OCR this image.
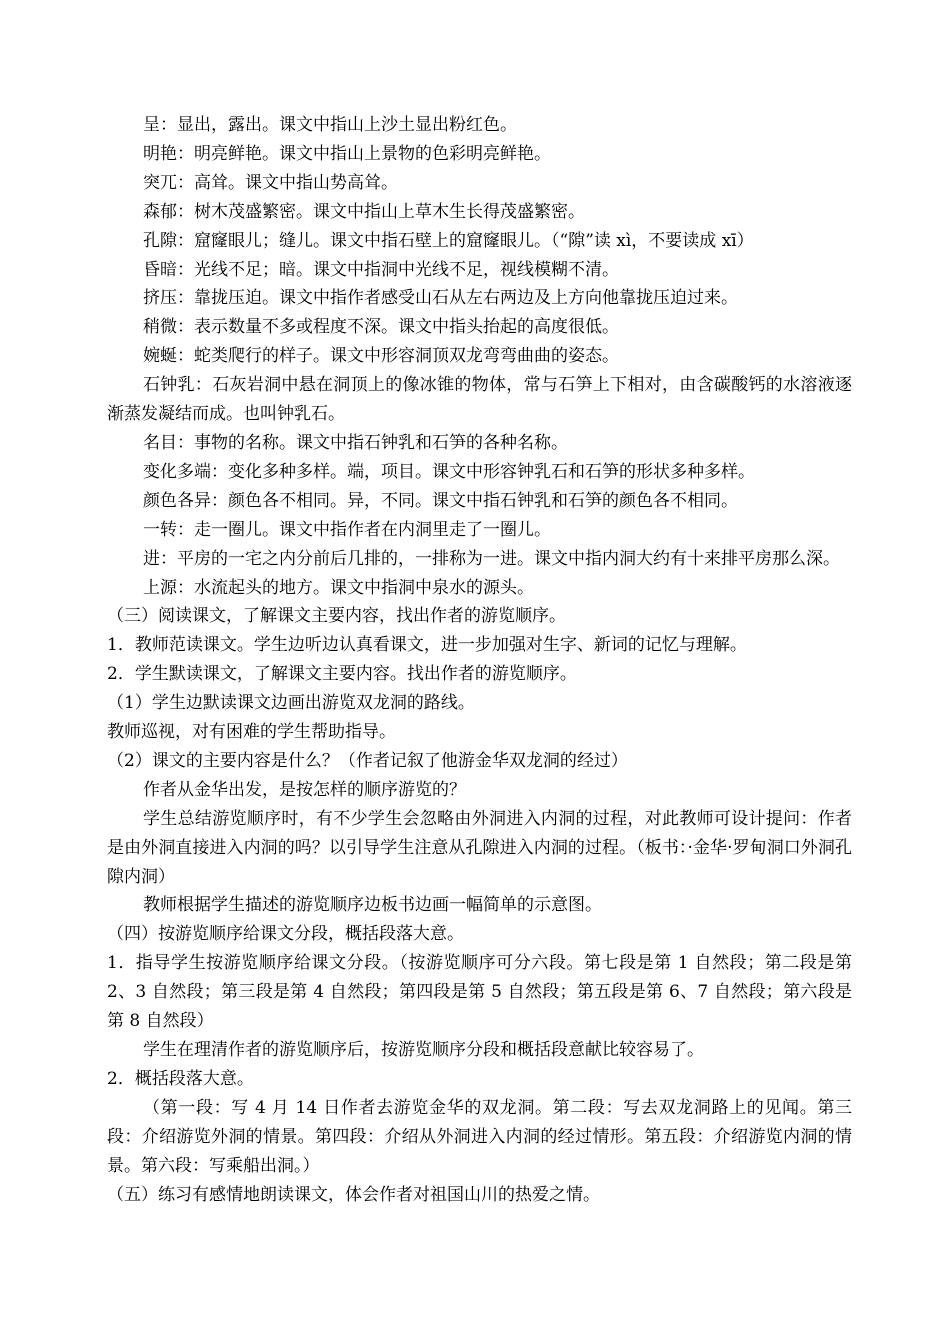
呈：显出，露出。课文中指山上沙土显出粉红色。

明艳：明亮鲜艳。课文中指山上景物的色彩明亮鲜艳。

突兀：高耸。课文中指山势高耸。

森郁：树木茂盛繁密。课文中指山上草木生长得茂盛繁密。

孔隙：窟窿眼儿；缝儿。课文中指石壁上的窟窿眼儿。（“隙”读 xì，不要读成 xī）

昏暗：光线不足；暗。课文中指洞中光线不足，视线模糊不清。

挤压：靠拢压迫。课文中指作者感受山石从左右两边及上方向他靠拢压迫过来。

稍微：表示数量不多或程度不深。课文中指头抬起的高度很低。

婉蜒：蛇类爬行的样子。课文中形容洞顶双龙弯弯曲曲的姿态。

石钟乳：石灰岩洞中悬在洞顶上的像冰锥的物体，常与石笋上下相对，由含碳酸钙的水溶液逐渐蒸发凝结而成。也叫钟乳石。

名目：事物的名称。课文中指石钟乳和石笋的各种名称。

变化多端：变化多种多样。端，项目。课文中形容钟乳石和石笋的形状多种多样。

颜色各异：颜色各不相同。异，不同。课文中指石钟乳和石笋的颜色各不相同。

一转：走一圈儿。课文中指作者在内洞里走了一圈儿。

进：平房的一宅之内分前后几排的，一排称为一进。课文中指内洞大约有十来排平房那么深。

上源：水流起头的地方。课文中指洞中泉水的源头。

（三）阅读课文，了解课文主要内容，找出作者的游览顺序。

1．教师范读课文。学生边听边认真看课文，进一步加强对生字、新词的记忆与理解。

2．学生默读课文，了解课文主要内容。找出作者的游览顺序。

（1）学生边默读课文边画出游览双龙洞的路线。

教师巡视，对有困难的学生帮助指导。

（2）课文的主要内容是什么？（作者记叙了他游金华双龙洞的经过）

作者从金华出发，是按怎样的顺序游览的？

学生总结游览顺序时，有不少学生会忽略由外洞进入内洞的过程，对此教师可设计提问：作者是由外洞直接进入内洞的吗？以引导学生注意从孔隙进入内洞的过程。（板书：·金华·罗甸洞口外洞孔隙内洞）

教师根据学生描述的游览顺序边板书边画一幅简单的示意图。

（四）按游览顺序给课文分段，概括段落大意。

1．指导学生按游览顺序给课文分段。（按游览顺序可分六段。第七段是第 1 自然段；第二段是第 2、3 自然段；第三段是第 4 自然段；第四段是第 5 自然段；第五段是第 6、7 自然段；第六段是第 8 自然段）

学生在理清作者的游览顺序后，按游览顺序分段和概括段意献比较容易了。

2．概括段落大意。

（第一段：写 4 月 14 日作者去游览金华的双龙洞。第二段：写去双龙洞路上的见闻。第三段：介绍游览外洞的情景。第四段：介绍从外洞进入内洞的经过情形。第五段：介绍游览内洞的情景。第六段：写乘船出洞。）

（五）练习有感情地朗读课文，体会作者对祖国山川的热爱之情。
